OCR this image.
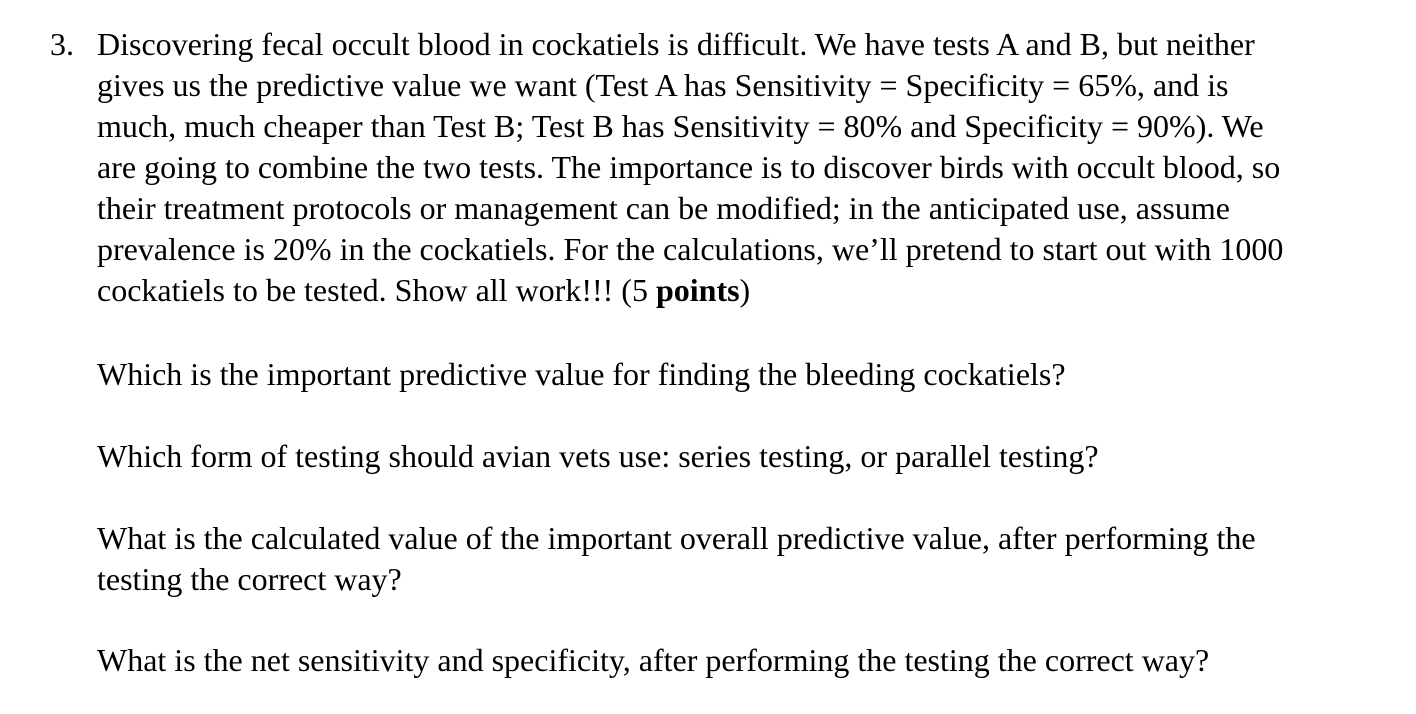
3. Discovering fecal occult blood in cockatiels is difficult. We have tests A and B, but neither
gives us the predictive value we want (Test A has Sensitivity = Specificity = 65%, and is
much, much cheaper than Test B; Test B has Sensitivity = 80% and Specificity = 90%). We
are going to combine the two tests. The importance is to discover birds with occult blood, so
their treatment protocols or management can be modified; in the anticipated use, assume
prevalence is 20% in the cockatiels. For the calculations, we’ll pretend to start out with 1000
cockatiels to be tested. Show all work!!! (5 points)
Which is the important predictive value for finding the bleeding cockatiels?
Which form of testing should avian vets use: series testing, or parallel testing?
What is the calculated value of the important overall predictive value, after performing the
testing the correct way?
What is the net sensitivity and specificity, after performing the testing the correct way?
